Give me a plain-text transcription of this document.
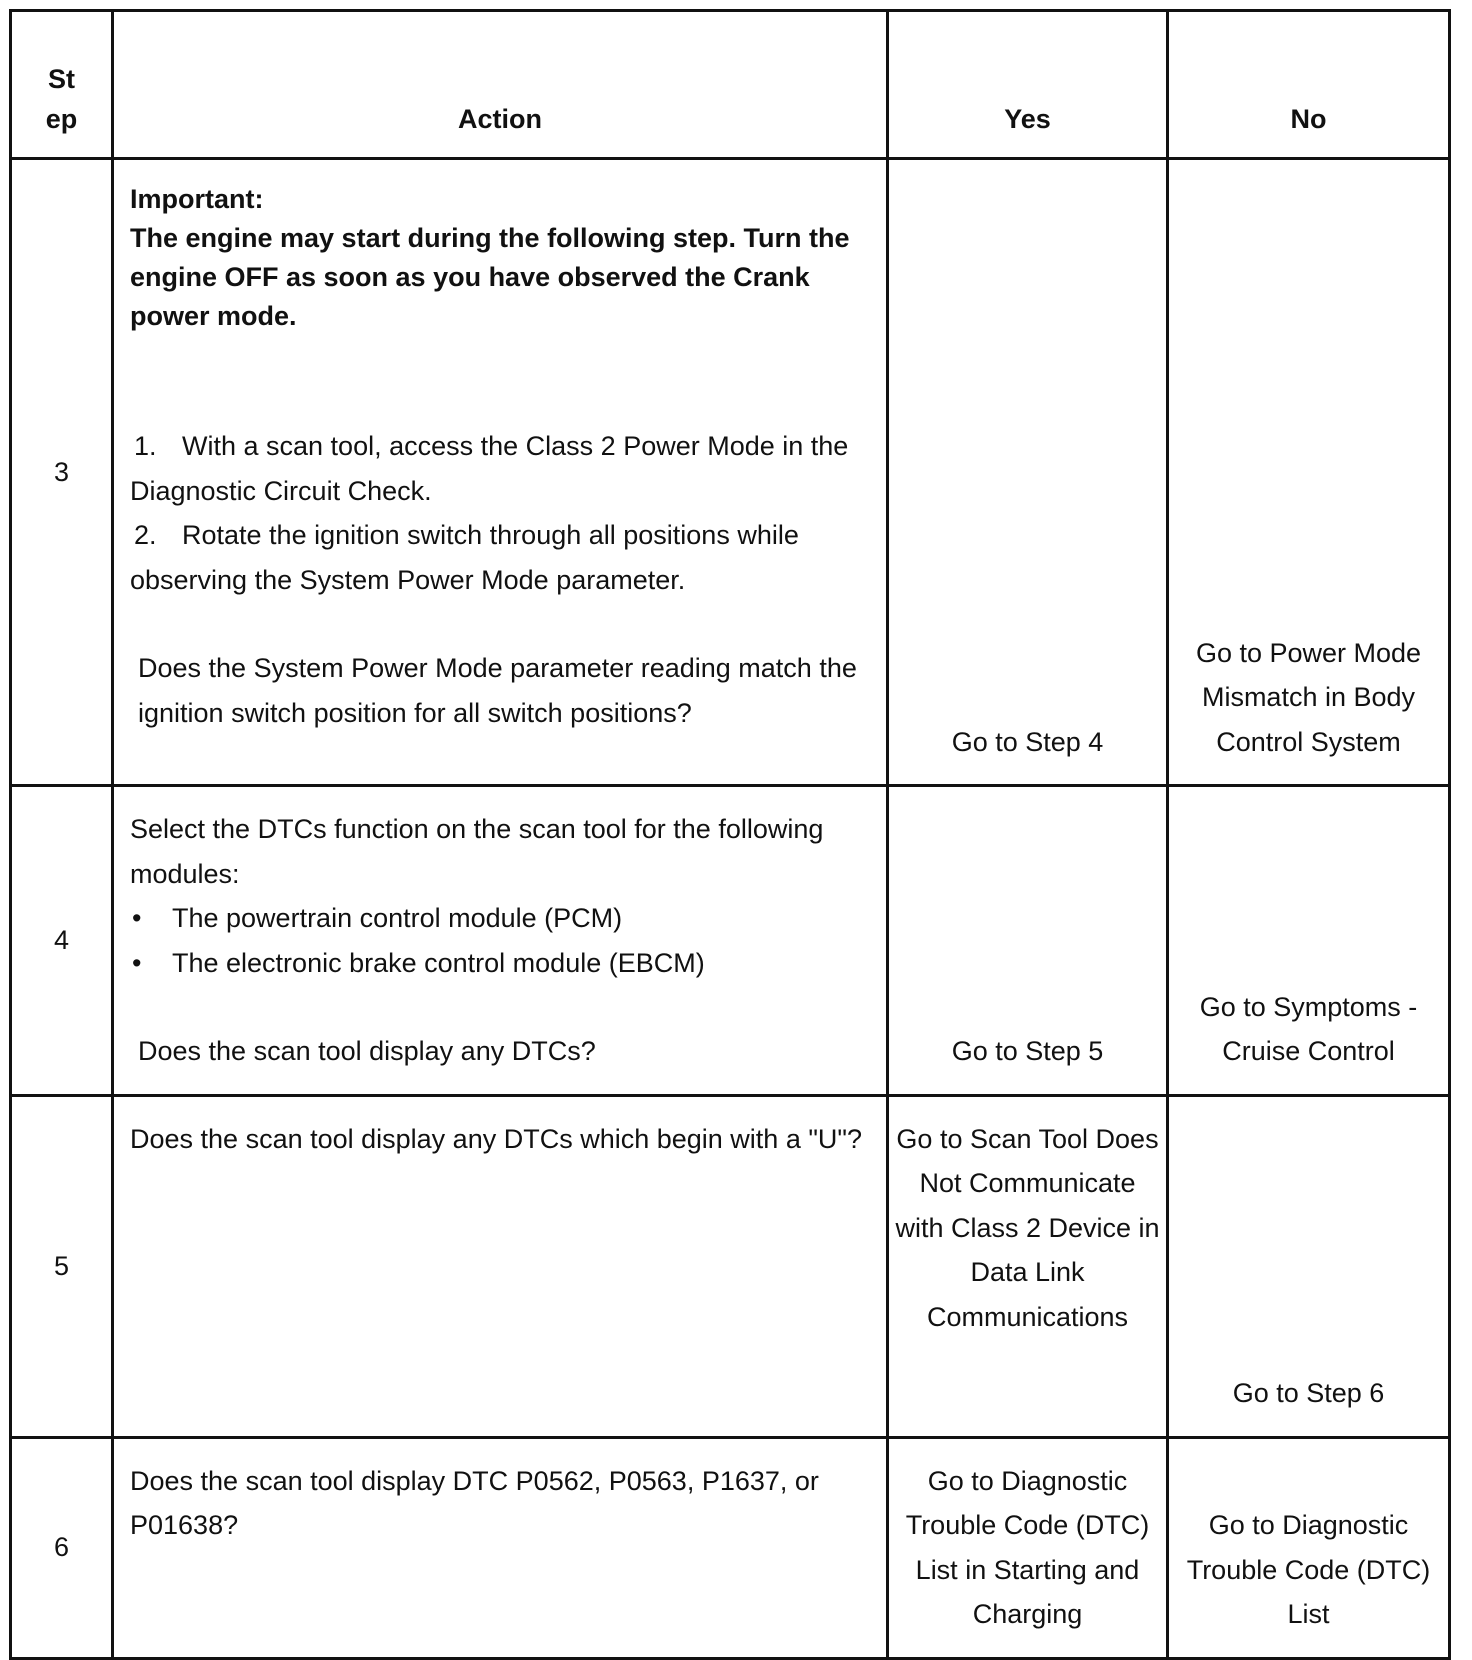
St
ep	Action	Yes	No
3	Important:
The engine may start during the following step. Turn the engine OFF as soon as you have observed the Crank power mode.
1. With a scan tool, access the Class 2 Power Mode in the Diagnostic Circuit Check.
2. Rotate the ignition switch through all positions while observing the System Power Mode parameter.
Does the System Power Mode parameter reading match the ignition switch position for all switch positions?	Go to Step 4	Go to Power Mode Mismatch in Body Control System
4	Select the DTCs function on the scan tool for the following modules:
• The powertrain control module (PCM)
• The electronic brake control module (EBCM)
Does the scan tool display any DTCs?	Go to Step 5	Go to Symptoms - Cruise Control
5	Does the scan tool display any DTCs which begin with a "U"?	Go to Scan Tool Does Not Communicate with Class 2 Device in Data Link Communications	Go to Step 6
6	Does the scan tool display DTC P0562, P0563, P1637, or P01638?	Go to Diagnostic Trouble Code (DTC) List in Starting and Charging	Go to Diagnostic Trouble Code (DTC) List
